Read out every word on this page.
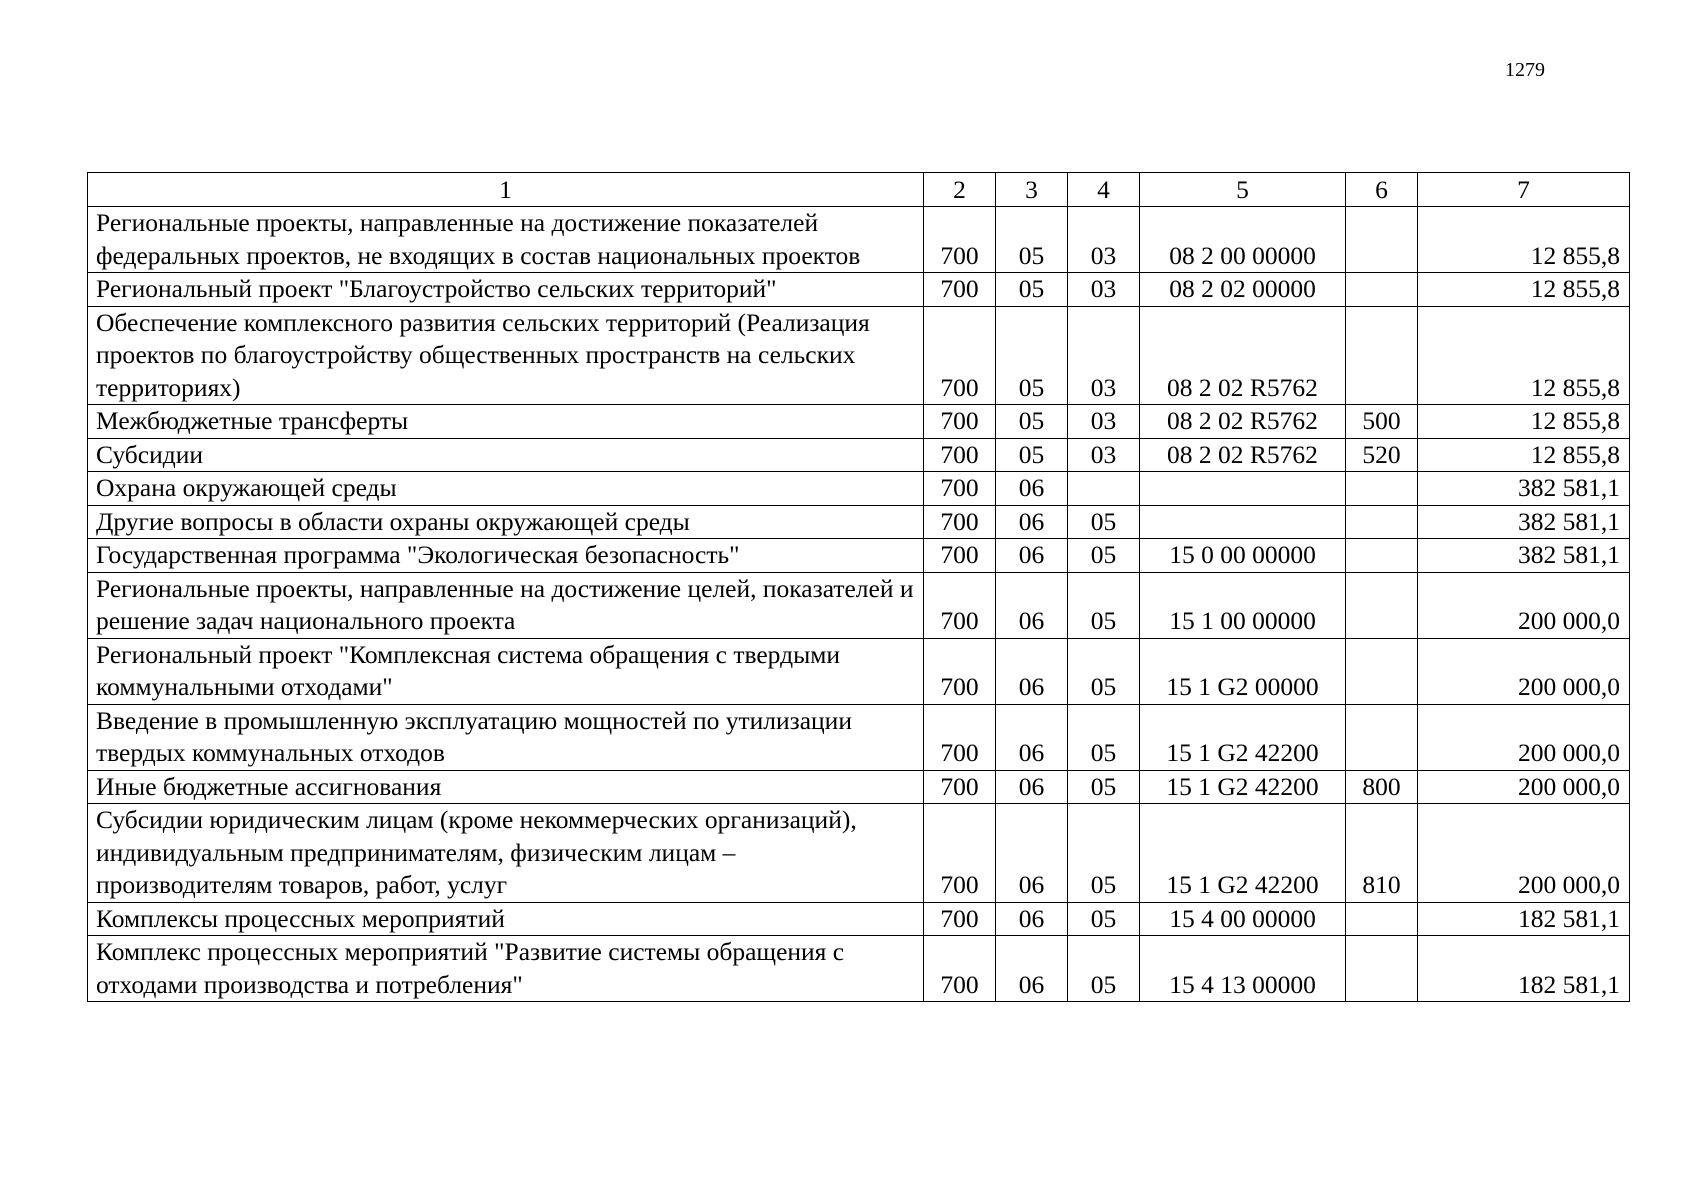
1279
1	2	3	4	5	6	7
Региональные проекты, направленные на достижение показателей федеральных проектов, не входящих в состав национальных проектов	700	05	03	08 2 00 00000		12 855,8
Региональный проект "Благоустройство сельских территорий"	700	05	03	08 2 02 00000		12 855,8
Обеспечение комплексного развития сельских территорий (Реализация проектов по благоустройству общественных пространств на сельских территориях)	700	05	03	08 2 02 R5762		12 855,8
Межбюджетные трансферты	700	05	03	08 2 02 R5762	500	12 855,8
Субсидии	700	05	03	08 2 02 R5762	520	12 855,8
Охрана окружающей среды	700	06				382 581,1
Другие вопросы в области охраны окружающей среды	700	06	05			382 581,1
Государственная программа "Экологическая безопасность"	700	06	05	15 0 00 00000		382 581,1
Региональные проекты, направленные на достижение целей, показателей и решение задач национального проекта	700	06	05	15 1 00 00000		200 000,0
Региональный проект "Комплексная система обращения с твердыми коммунальными отходами"	700	06	05	15 1 G2 00000		200 000,0
Введение в промышленную эксплуатацию мощностей по утилизации твердых коммунальных отходов	700	06	05	15 1 G2 42200		200 000,0
Иные бюджетные ассигнования	700	06	05	15 1 G2 42200	800	200 000,0
Субсидии юридическим лицам (кроме некоммерческих организаций), индивидуальным предпринимателям, физическим лицам – производителям товаров, работ, услуг	700	06	05	15 1 G2 42200	810	200 000,0
Комплексы процессных мероприятий	700	06	05	15 4 00 00000		182 581,1
Комплекс процессных мероприятий "Развитие системы обращения с отходами производства и потребления"	700	06	05	15 4 13 00000		182 581,1
